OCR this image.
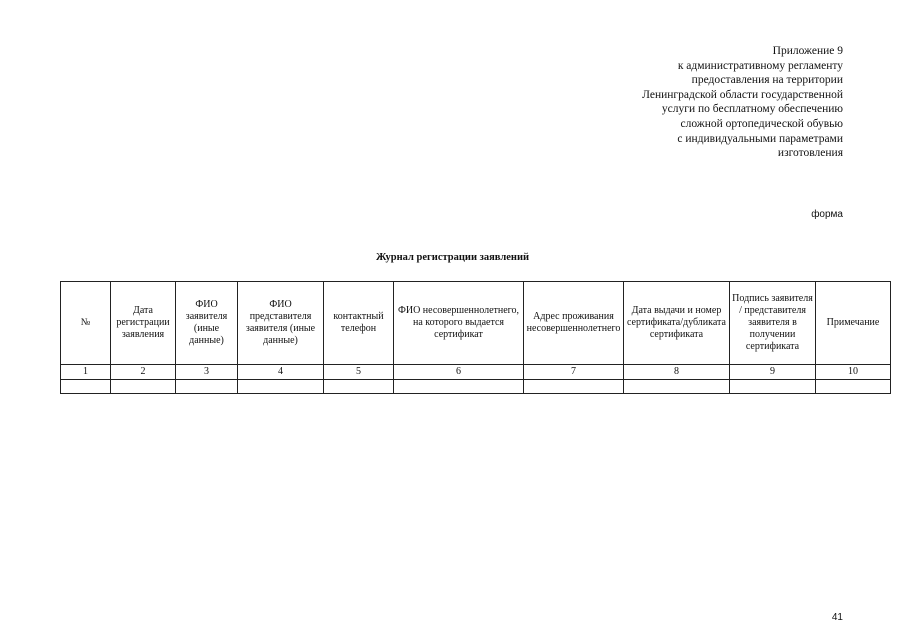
Приложение 9
к административному регламенту
предоставления на территории
Ленинградской области государственной
услуги по бесплатному обеспечению
сложной ортопедической обувью
с индивидуальными параметрами
изготовления
форма
Журнал регистрации заявлений
№	Дата регистрации заявления	ФИО заявителя (иные данные)	ФИО представителя заявителя (иные данные)	контактный телефон	ФИО несовершеннолетнего, на которого выдается сертификат	Адрес проживания несовершеннолетнего	Дата выдачи и номер сертификата/дубликата сертификата	Подпись заявителя / представителя заявителя в получении сертификата	Примечание
1	2	3	4	5	6	7	8	9	10

41
